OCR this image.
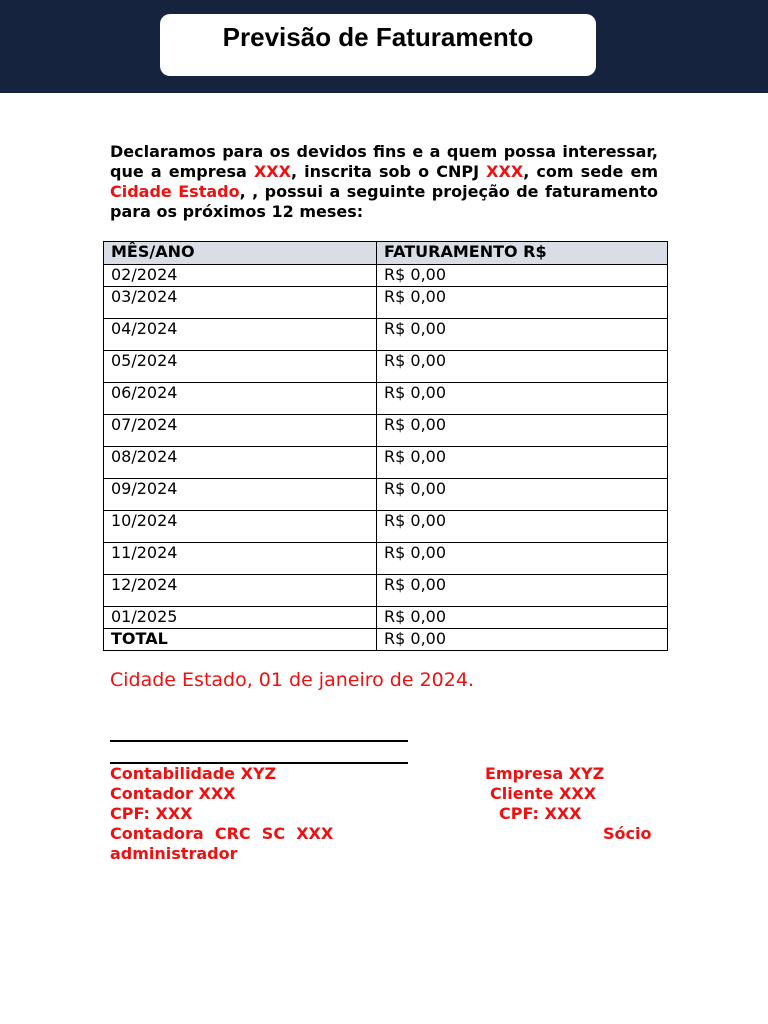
Previsão de Faturamento

Declaramos para os devidos fins e a quem possa interessar, que a empresa XXX, inscrita sob o CNPJ XXX, com sede em Cidade Estado, , possui a seguinte projeção de faturamento para os próximos 12 meses:

MÊS/ANO	FATURAMENTO R$
02/2024	R$ 0,00
03/2024	R$ 0,00
04/2024	R$ 0,00
05/2024	R$ 0,00
06/2024	R$ 0,00
07/2024	R$ 0,00
08/2024	R$ 0,00
09/2024	R$ 0,00
10/2024	R$ 0,00
11/2024	R$ 0,00
12/2024	R$ 0,00
01/2025	R$ 0,00
TOTAL	R$ 0,00
Cidade Estado, 01 de janeiro de 2024.
Contabilidade XYZ
Contador XXX
CPF: XXX
Contadora  CRC  SC  XXX
administrador
Empresa XYZ
Cliente XXX
CPF: XXX
Sócio
